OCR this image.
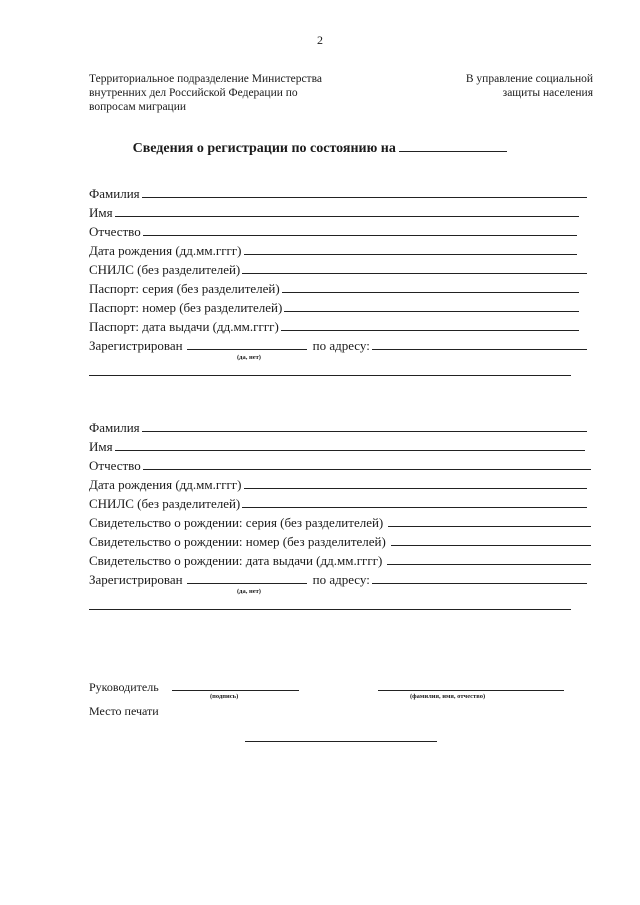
2
Территориальное подразделение Министерства
внутренних дел Российской Федерации по
вопросам миграции
В управление социальной
защиты населения
Сведения о регистрации по состоянию на
Фамилия
Имя
Отчество
Дата рождения (дд.мм.гггг)
СНИЛС (без разделителей)
Паспорт: серия (без разделителей)
Паспорт: номер (без разделителей)
Паспорт: дата выдачи (дд.мм.гггг)
Зарегистрирован	по адресу:
(да, нет)
Фамилия
Имя
Отчество
Дата рождения (дд.мм.гггг)
СНИЛС (без разделителей)
Свидетельство о рождении: серия (без разделителей)
Свидетельство о рождении: номер (без разделителей)
Свидетельство о рождении: дата выдачи (дд.мм.гггг)
Зарегистрирован	по адресу:
(да, нет)
Руководитель
(подпись)	(фамилия, имя, отчество)
Место печати
